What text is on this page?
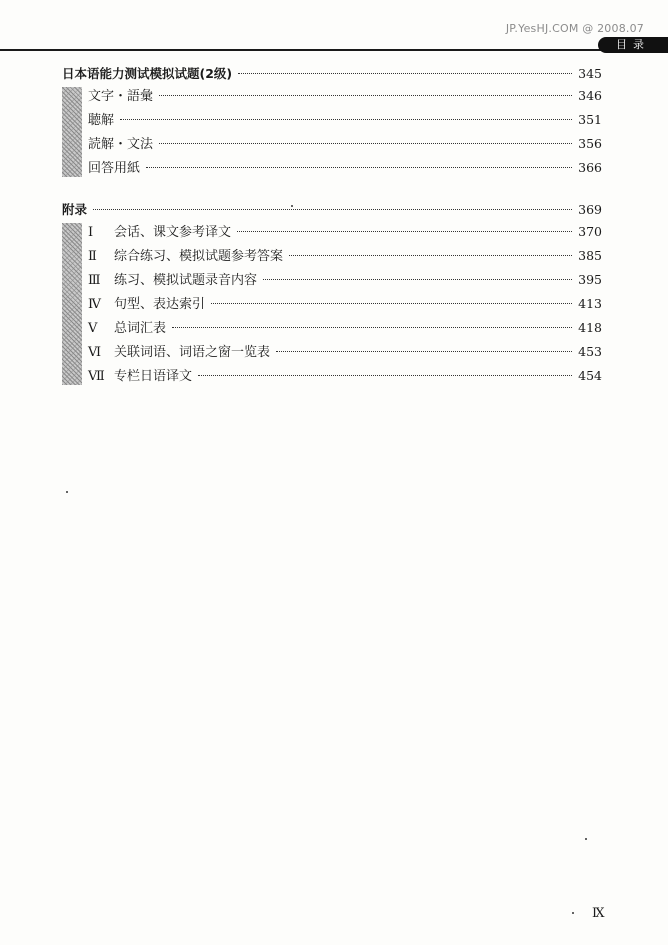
JP.YesHJ.COM @ 2008.07
目录
日本语能力测试模拟试题(2级)	345
文字・語彙	346
聴解	351
読解・文法	356
回答用紙	366
附录	369
Ⅰ	会话、课文参考译文	370
Ⅱ	综合练习、模拟试题参考答案	385
Ⅲ	练习、模拟试题录音内容	395
Ⅳ	句型、表达索引	413
Ⅴ	总词汇表	418
Ⅵ 关联词语、词语之窗一览表	453
Ⅶ 专栏日语译文	454
Ⅸ
